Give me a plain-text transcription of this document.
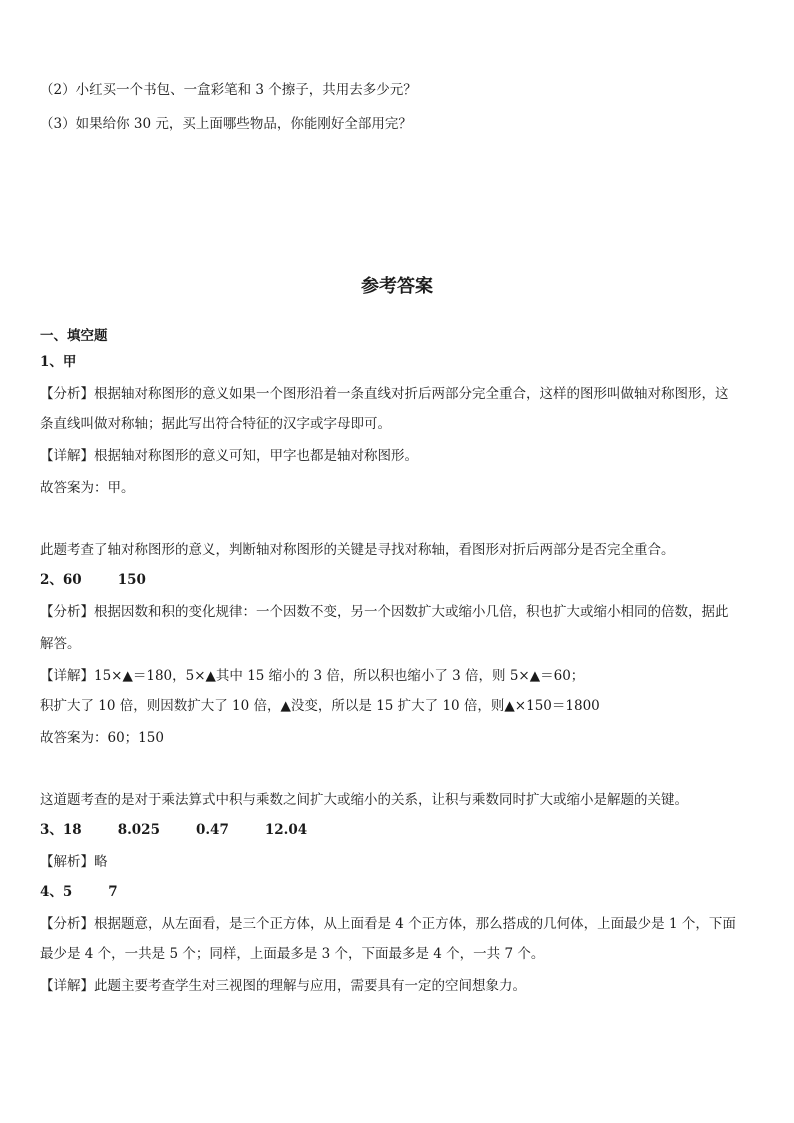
（2）小红买一个书包、一盒彩笔和 3 个擦子，共用去多少元？
（3）如果给你 30 元，买上面哪些物品，你能刚好全部用完？
参考答案
一、填空题
1、甲
【分析】根据轴对称图形的意义如果一个图形沿着一条直线对折后两部分完全重合，这样的图形叫做轴对称图形，这
条直线叫做对称轴；据此写出符合特征的汉字或字母即可。
【详解】根据轴对称图形的意义可知，甲字也都是轴对称图形。
故答案为：甲。
此题考查了轴对称图形的意义，判断轴对称图形的关键是寻找对称轴，看图形对折后两部分是否完全重合。
2、60	150
【分析】根据因数和积的变化规律：一个因数不变，另一个因数扩大或缩小几倍，积也扩大或缩小相同的倍数，据此
解答。
【详解】15×▲＝180，5×▲其中 15 缩小的 3 倍，所以积也缩小了 3 倍，则 5×▲＝60；
积扩大了 10 倍，则因数扩大了 10 倍，▲没变，所以是 15 扩大了 10 倍，则▲×150＝1800
故答案为：60；150
这道题考查的是对于乘法算式中积与乘数之间扩大或缩小的关系，让积与乘数同时扩大或缩小是解题的关键。
3、18	8.025	0.47	12.04
【解析】略
4、5	7
【分析】根据题意，从左面看，是三个正方体，从上面看是 4 个正方体，那么搭成的几何体，上面最少是 1 个，下面
最少是 4 个，一共是 5 个；同样，上面最多是 3 个，下面最多是 4 个，一共 7 个。
【详解】此题主要考查学生对三视图的理解与应用，需要具有一定的空间想象力。
